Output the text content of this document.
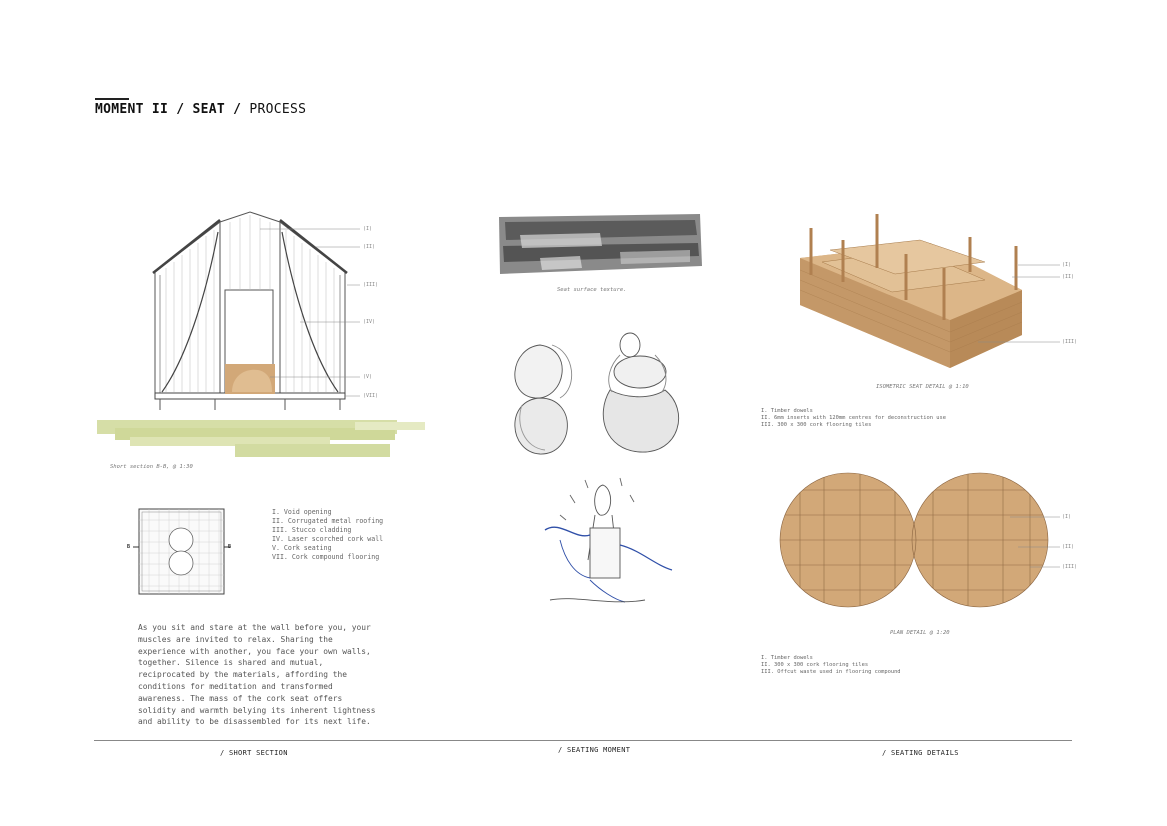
MOMENT II / SEAT / PROCESS
(I)
(II)
(III)
(IV)
(V)
(VII)
Short section B-B, @ 1:30
B	B
I. Void opening
II. Corrugated metal roofing
III. Stucco cladding
IV. Laser scorched cork wall
V. Cork seating
VII. Cork compound flooring
As you sit and stare at the wall before you, your muscles are invited to relax. Sharing the experience with another, you face your own walls, together. Silence is shared and mutual, reciprocated by the materials, affording the conditions for meditation and transformed awareness. The mass of the cork seat offers solidity and warmth belying its inherent lightness and ability to be disassembled for its next life.
Seat surface texture.
(I)
(II)
(III)
ISOMETRIC SEAT DETAIL @ 1:10
I. Timber dowels
II. 6mm inserts with 120mm centres for deconstruction use
III. 300 x 300 cork flooring tiles
(I)
(II)
(III)
PLAN DETAIL @ 1:20
I. Timber dowels
II. 300 x 300 cork flooring tiles
III. Offcut waste used in flooring compound
/ SHORT SECTION	/ SEATING MOMENT	/ SEATING DETAILS
